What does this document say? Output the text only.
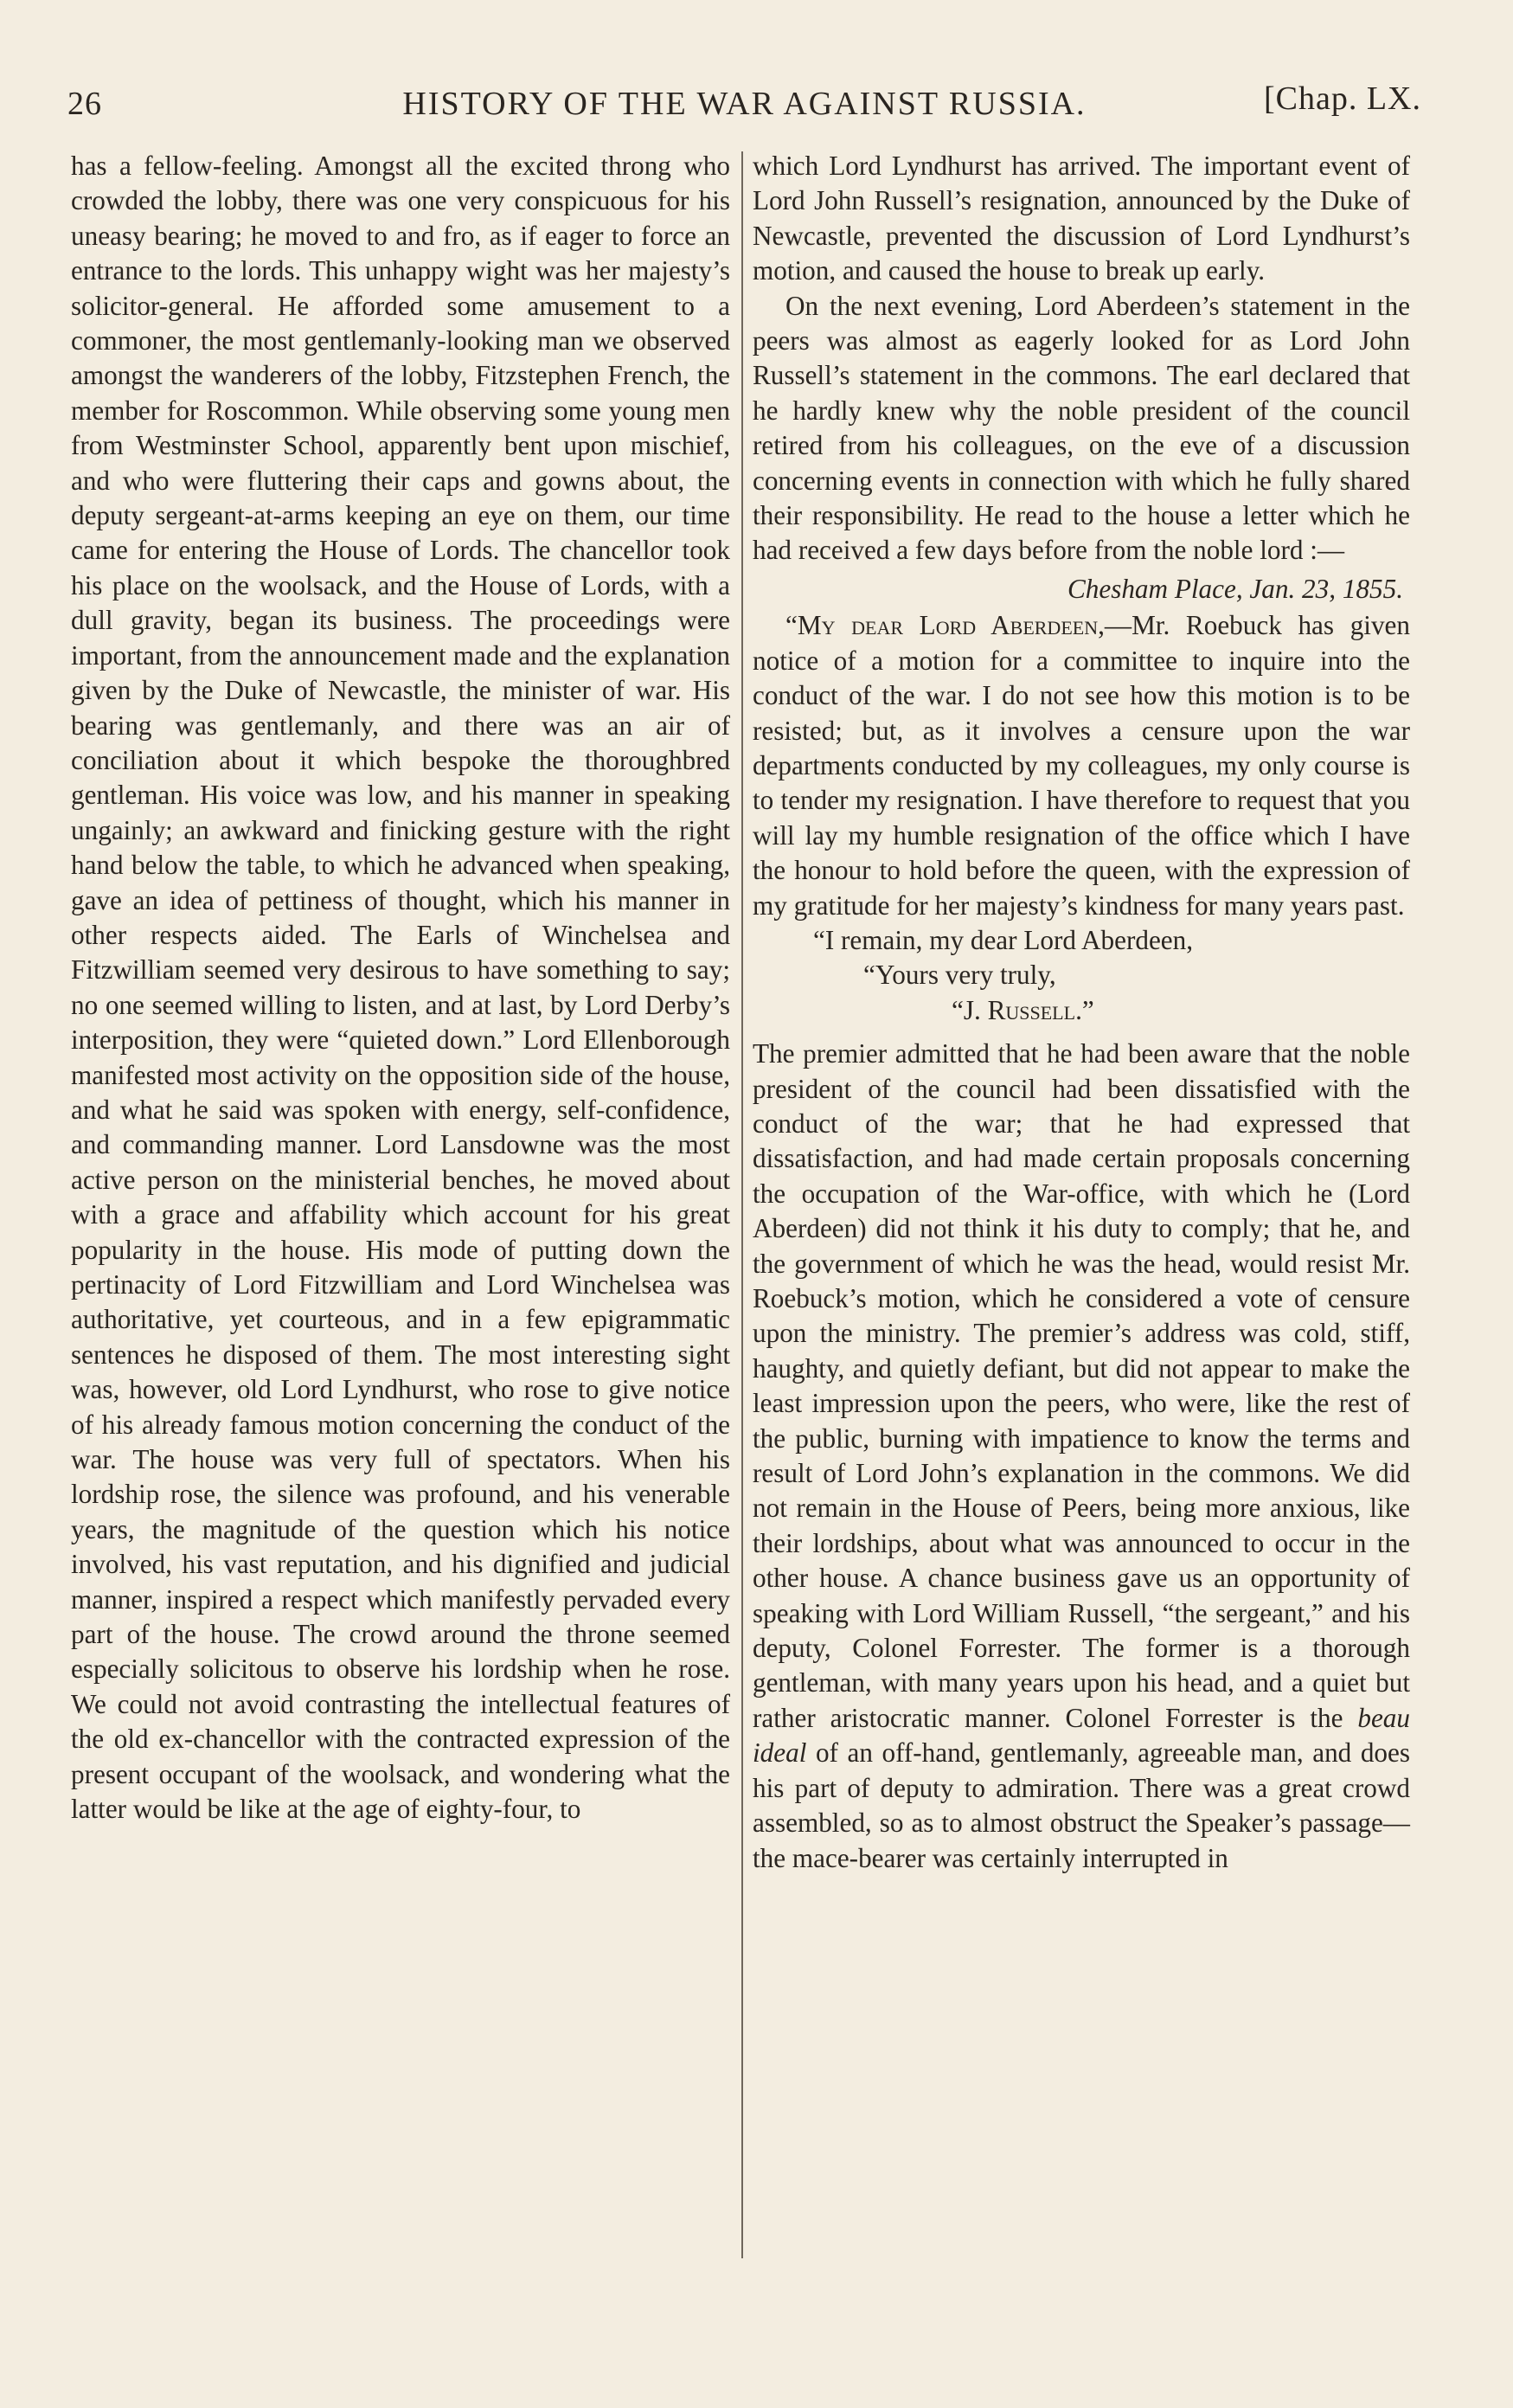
26	HISTORY OF THE WAR AGAINST RUSSIA.	[Chap. LX.

has a fellow-feeling. Amongst all the excited throng who crowded the lobby, there was one very conspicuous for his uneasy bearing; he moved to and fro, as if eager to force an entrance to the lords. This unhappy wight was her majesty’s solicitor-general. He afforded some amusement to a commoner, the most gentlemanly-looking man we observed amongst the wanderers of the lobby, Fitzstephen French, the member for Roscommon. While observing some young men from Westminster School, apparently bent upon mischief, and who were fluttering their caps and gowns about, the deputy sergeant-at-arms keeping an eye on them, our time came for entering the House of Lords. The chancellor took his place on the woolsack, and the House of Lords, with a dull gravity, began its business. The proceedings were important, from the announcement made and the explanation given by the Duke of Newcastle, the minister of war. His bearing was gentlemanly, and there was an air of conciliation about it which bespoke the thoroughbred gentleman. His voice was low, and his manner in speaking ungainly; an awkward and finicking gesture with the right hand below the table, to which he advanced when speaking, gave an idea of pettiness of thought, which his manner in other respects aided. The Earls of Winchelsea and Fitzwilliam seemed very desirous to have something to say; no one seemed willing to listen, and at last, by Lord Derby’s interposition, they were “quieted down.” Lord Ellenborough manifested most activity on the opposition side of the house, and what he said was spoken with energy, self-confidence, and commanding manner. Lord Lansdowne was the most active person on the ministerial benches, he moved about with a grace and affability which account for his great popularity in the house. His mode of putting down the pertinacity of Lord Fitzwilliam and Lord Winchelsea was authoritative, yet courteous, and in a few epigrammatic sentences he disposed of them. The most interesting sight was, however, old Lord Lyndhurst, who rose to give notice of his already famous motion concerning the conduct of the war. The house was very full of spectators. When his lordship rose, the silence was profound, and his venerable years, the magnitude of the question which his notice involved, his vast reputation, and his dignified and judicial manner, inspired a respect which manifestly pervaded every part of the house. The crowd around the throne seemed especially solicitous to observe his lordship when he rose. We could not avoid contrasting the intellectual features of the old ex-chancellor with the contracted expression of the present occupant of the woolsack, and wondering what the latter would be like at the age of eighty-four, to

which Lord Lyndhurst has arrived. The important event of Lord John Russell’s resignation, announced by the Duke of Newcastle, prevented the discussion of Lord Lyndhurst’s motion, and caused the house to break up early.

On the next evening, Lord Aberdeen’s statement in the peers was almost as eagerly looked for as Lord John Russell’s statement in the commons. The earl declared that he hardly knew why the noble president of the council retired from his colleagues, on the eve of a discussion concerning events in connection with which he fully shared their responsibility. He read to the house a letter which he had received a few days before from the noble lord :—

Chesham Place, Jan. 23, 1855.

“My dear Lord Aberdeen,—Mr. Roebuck has given notice of a motion for a committee to inquire into the conduct of the war. I do not see how this motion is to be resisted; but, as it involves a censure upon the war departments conducted by my colleagues, my only course is to tender my resignation. I have therefore to request that you will lay my humble resignation of the office which I have the honour to hold before the queen, with the expression of my gratitude for her majesty’s kindness for many years past.

“I remain, my dear Lord Aberdeen,

“Yours very truly,

“J. Russell.”

The premier admitted that he had been aware that the noble president of the council had been dissatisfied with the conduct of the war; that he had expressed that dissatisfaction, and had made certain proposals concerning the occupation of the War-office, with which he (Lord Aberdeen) did not think it his duty to comply; that he, and the government of which he was the head, would resist Mr. Roebuck’s motion, which he considered a vote of censure upon the ministry. The premier’s address was cold, stiff, haughty, and quietly defiant, but did not appear to make the least impression upon the peers, who were, like the rest of the public, burning with impatience to know the terms and result of Lord John’s explanation in the commons. We did not remain in the House of Peers, being more anxious, like their lordships, about what was announced to occur in the other house. A chance business gave us an opportunity of speaking with Lord William Russell, “the sergeant,” and his deputy, Colonel Forrester. The former is a thorough gentleman, with many years upon his head, and a quiet but rather aristocratic manner. Colonel Forrester is the beau ideal of an off-hand, gentlemanly, agreeable man, and does his part of deputy to admiration. There was a great crowd assembled, so as to almost obstruct the Speaker’s passage—the mace-bearer was certainly interrupted in
